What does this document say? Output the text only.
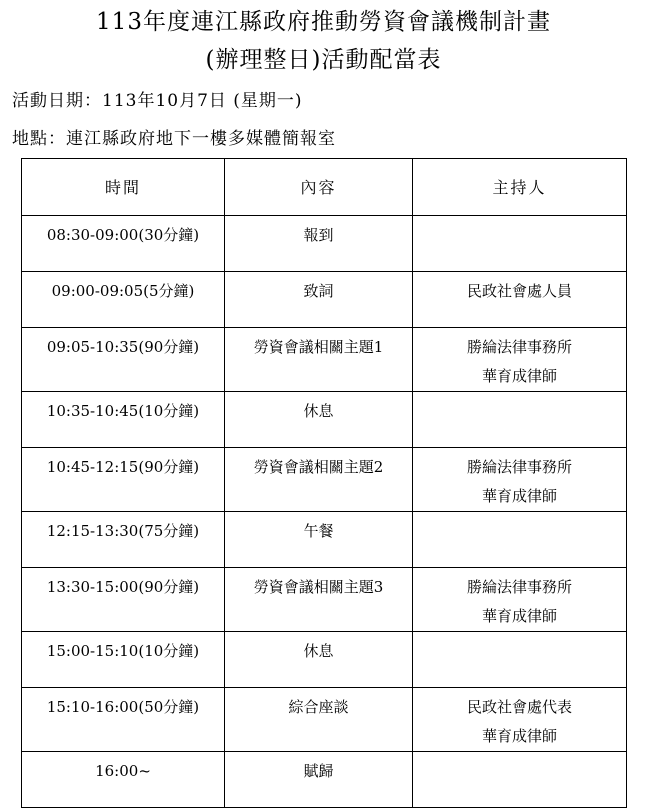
113年度連江縣政府推動勞資會議機制計畫
(辦理整日)活動配當表
活動日期：113年10月7日 (星期一)
地點：連江縣政府地下一樓多媒體簡報室
時間	內容	主持人

08:30-09:00(30分鐘)	報到	

09:00-09:05(5分鐘)	致詞	民政社會處人員

09:05-10:35(90分鐘)	勞資會議相關主題1	勝綸法律事務所
華育成律師

10:35-10:45(10分鐘)	休息	

10:45-12:15(90分鐘)	勞資會議相關主題2	勝綸法律事務所
華育成律師

12:15-13:30(75分鐘)	午餐	

13:30-15:00(90分鐘)	勞資會議相關主題3	勝綸法律事務所
華育成律師

15:00-15:10(10分鐘)	休息	

15:10-16:00(50分鐘)	綜合座談	民政社會處代表
華育成律師

16:00~	賦歸	
